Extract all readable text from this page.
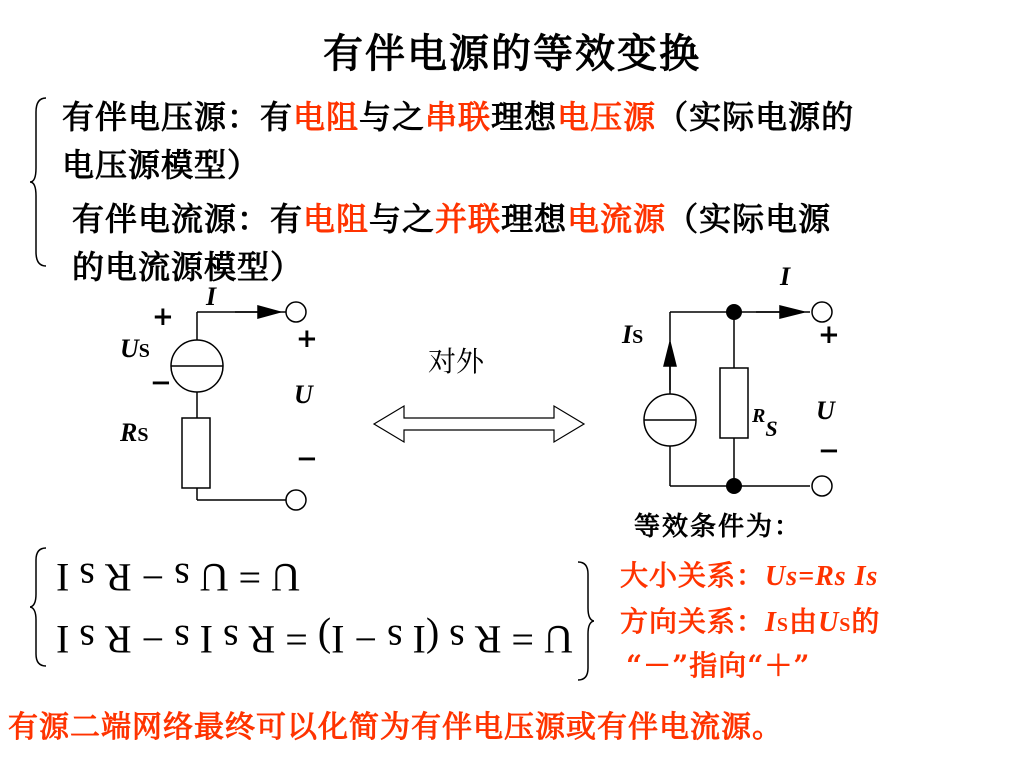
有伴电源的等效变换
有伴电压源：有电阻与之串联理想电压源（实际电源的
电压源模型）
有伴电流源：有电阻与之并联理想电流源（实际电源
的电流源模型）
I
+
US
−
RS
+
U
−
对外
I
IS
RS
+
U
−
等效条件为：
U = U s − R s I
U = R s (I s − I) = R s I s − R s I
大小关系：Us=Rs Is
方向关系：IS由US的
“－”指向“＋”
有源二端网络最终可以化简为有伴电压源或有伴电流源。
